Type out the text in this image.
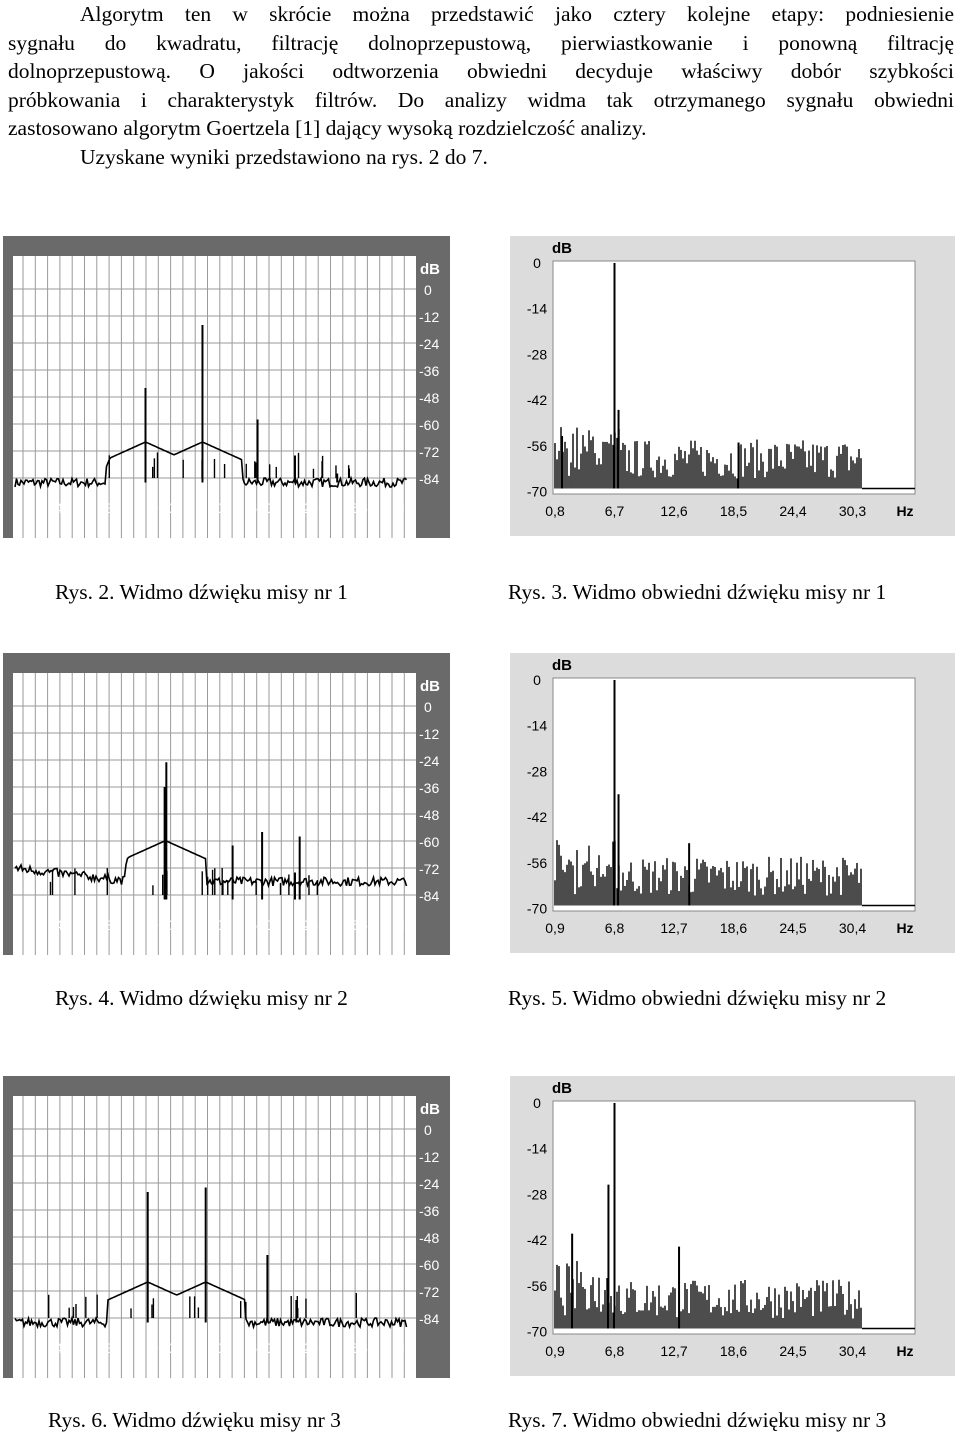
Algorytm ten w skrócie można przedstawić jako cztery kolejne etapy: podniesienie
sygnału do kwadratu, filtrację dolnoprzepustową, pierwiastkowanie i ponowną filtrację
dolnoprzepustową. O jakości odtworzenia obwiedni decyduje właściwy dobór szybkości
próbkowania i charakterystyk filtrów. Do analizy widma tak otrzymanego sygnału obwiedni
zastosowano algorytm Goertzela [1] dający wysoką rozdzielczość analizy.
Uzyskane wyniki przedstawiono na rys. 2 do 7.
dB
0
-12
-24
-36
-48
-60
-72
-84
40 80 160 320 640 1280 2560 Hz
dB
0
-14
-28
-42
-56
-70
0,8	6,7	12,6 18,5 24,4 30,3 Hz
dB
0
-12
-24
-36
-48
-60
-72
-84
40 80 160 320 640 1280 2560 Hz
dB
0
-14
-28
-42
-56
-70
0,9	6,8	12,7 18,6 24,5 30,4 Hz
dB
0
-12
-24
-36
-48
-60
-72
-84
40 80 160 320 640 1280 2560 Hz
dB
0
-14
-28
-42
-56
-70
0,9	6,8	12,7 18,6 24,5 30,4 Hz
Rys. 2. Widmo dźwięku misy nr 1	Rys. 3. Widmo obwiedni dźwięku misy nr 1
Rys. 4. Widmo dźwięku misy nr 2	Rys. 5. Widmo obwiedni dźwięku misy nr 2
Rys. 6. Widmo dźwięku misy nr 3	Rys. 7. Widmo obwiedni dźwięku misy nr 3
